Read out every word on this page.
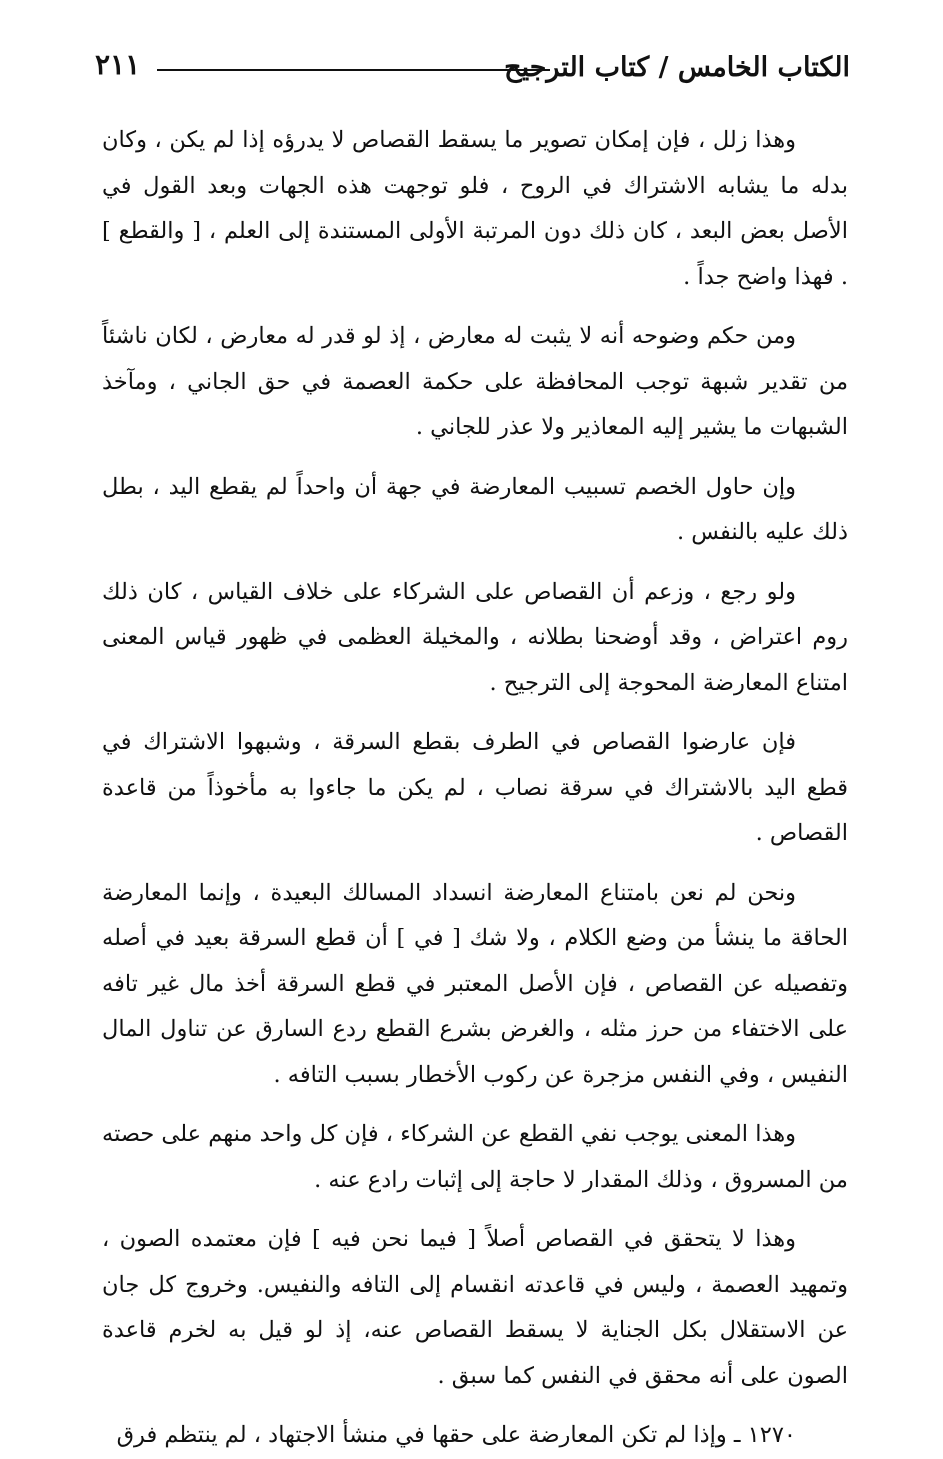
الكتاب الخامس / كتاب الترجيح
٢١١

وهذا زلل ، فإن إمكان تصوير ما يسقط القصاص لا يدرؤه إذا لم يكن ، وكان بدله ما يشابه الاشتراك في الروح ، فلو توجهت هذه الجهات وبعد القول في الأصل بعض البعد ، كان ذلك دون المرتبة الأولى المستندة إلى العلم ، [ والقطع ] . فهذا واضح جداً .

ومن حكم وضوحه أنه لا يثبت له معارض ، إذ لو قدر له معارض ، لكان ناشئاً من تقدير شبهة توجب المحافظة على حكمة العصمة في حق الجاني ، ومآخذ الشبهات ما يشير إليه المعاذير ولا عذر للجاني .

وإن حاول الخصم تسبيب المعارضة في جهة أن واحداً لم يقطع اليد ، بطل ذلك عليه بالنفس .

ولو رجع ، وزعم أن القصاص على الشركاء على خلاف القياس ، كان ذلك روم اعتراض ، وقد أوضحنا بطلانه ، والمخيلة العظمى في ظهور قياس المعنى امتناع المعارضة المحوجة إلى الترجيح .

فإن عارضوا القصاص في الطرف بقطع السرقة ، وشبهوا الاشتراك في قطع اليد بالاشتراك في سرقة نصاب ، لم يكن ما جاءوا به مأخوذاً من قاعدة القصاص .

ونحن لم نعن بامتناع المعارضة انسداد المسالك البعيدة ، وإنما المعارضة الحاقة ما ينشأ من وضع الكلام ، ولا شك [ في ] أن قطع السرقة بعيد في أصله وتفصيله عن القصاص ، فإن الأصل المعتبر في قطع السرقة أخذ مال غير تافه على الاختفاء من حرز مثله ، والغرض بشرع القطع ردع السارق عن تناول المال النفيس ، وفي النفس مزجرة عن ركوب الأخطار بسبب التافه .

وهذا المعنى يوجب نفي القطع عن الشركاء ، فإن كل واحد منهم على حصته من المسروق ، وذلك المقدار لا حاجة إلى إثبات رادع عنه .

وهذا لا يتحقق في القصاص أصلاً [ فيما نحن فيه ] فإن معتمده الصون ، وتمهيد العصمة ، وليس في قاعدته انقسام إلى التافه والنفيس. وخروج كل جان عن الاستقلال بكل الجناية لا يسقط القصاص عنه، إذ لو قيل به لخرم قاعدة الصون على أنه محقق في النفس كما سبق .

١٢٧٠ ـ وإذا لم تكن المعارضة على حقها في منشأ الاجتهاد ، لم ينتظم فرق
